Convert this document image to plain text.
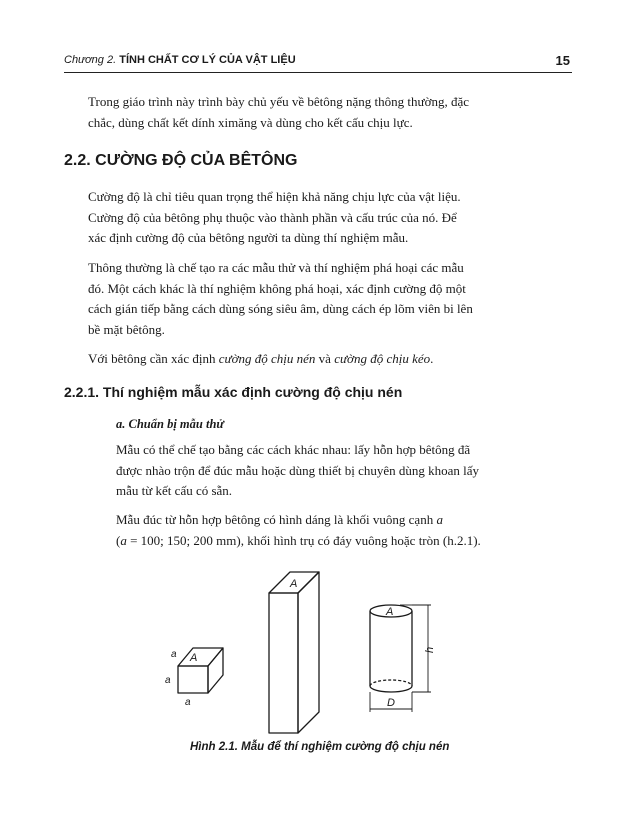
Chương 2. TÍNH CHẤT CƠ LÝ CỦA VẬT LIỆU	15
Trong giáo trình này trình bày chủ yếu về bêtông nặng thông thường, đặc
chắc, dùng chất kết dính ximăng và dùng cho kết cấu chịu lực.
2.2. CƯỜNG ĐỘ CỦA BÊTÔNG
Cường độ là chỉ tiêu quan trọng thể hiện khả năng chịu lực của vật liệu.
Cường độ của bêtông phụ thuộc vào thành phần và cấu trúc của nó. Để
xác định cường độ của bêtông người ta dùng thí nghiệm mẫu.
Thông thường là chế tạo ra các mẫu thử và thí nghiệm phá hoại các mẫu
đó. Một cách khác là thí nghiệm không phá hoại, xác định cường độ một
cách gián tiếp bằng cách dùng sóng siêu âm, dùng cách ép lõm viên bi lên
bề mặt bêtông.
Với bêtông cần xác định cường độ chịu nén và cường độ chịu kéo.
2.2.1. Thí nghiệm mẫu xác định cường độ chịu nén
a. Chuẩn bị mẫu thử
Mẫu có thể chế tạo bằng các cách khác nhau: lấy hỗn hợp bêtông đã
được nhào trộn để đúc mẫu hoặc dùng thiết bị chuyên dùng khoan lấy
mẫu từ kết cấu có sẵn.
Mẫu đúc từ hỗn hợp bêtông có hình dáng là khối vuông cạnh a
(a = 100; 150; 200 mm), khối hình trụ có đáy vuông hoặc tròn (h.2.1).
A
a
a
a
A
A
h
D
Hình 2.1. Mẫu để thí nghiệm cường độ chịu nén
